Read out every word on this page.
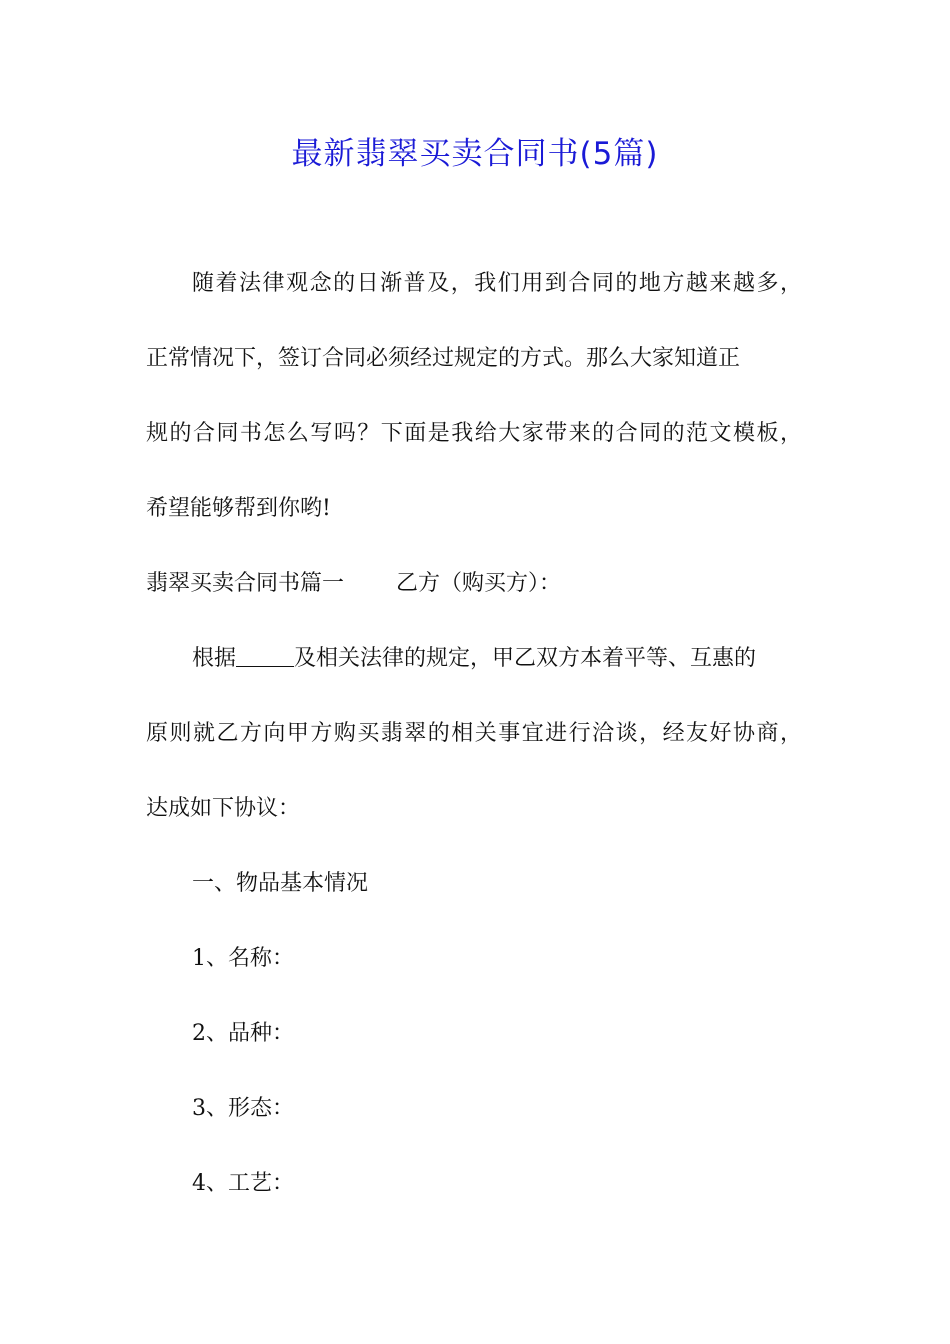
最新翡翠买卖合同书(5篇)
随着法律观念的日渐普及，我们用到合同的地方越来越多，
正常情况下，签订合同必须经过规定的方式。那么大家知道正
规的合同书怎么写吗？下面是我给大家带来的合同的范文模板，
希望能够帮到你哟!
翡翠买卖合同书篇一 乙方（购买方）：
根据	及相关法律的规定，甲乙双方本着平等、互惠的
原则就乙方向甲方购买翡翠的相关事宜进行洽谈，经友好协商，
达成如下协议：
一、物品基本情况
1、名称：
2、品种：
3、形态：
4、工艺：
